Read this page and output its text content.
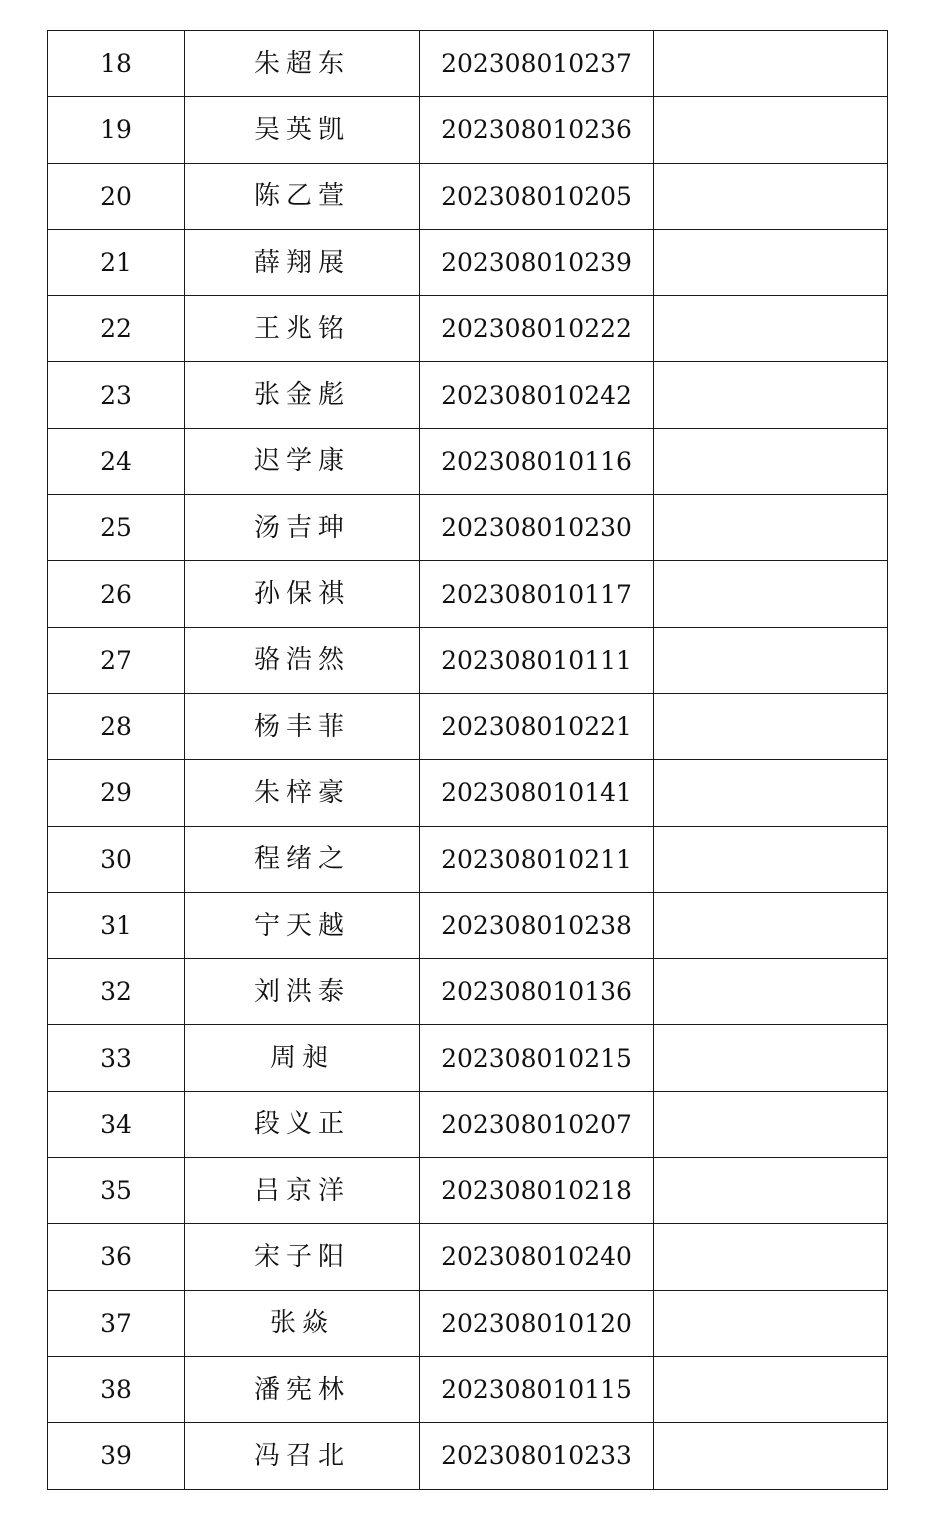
18	朱超东	202308010237	
19	吴英凯	202308010236	
20	陈乙萱	202308010205	
21	薛翔展	202308010239	
22	王兆铭	202308010222	
23	张金彪	202308010242	
24	迟学康	202308010116	
25	汤吉珅	202308010230	
26	孙保祺	202308010117	
27	骆浩然	202308010111	
28	杨丰菲	202308010221	
29	朱梓豪	202308010141	
30	程绪之	202308010211	
31	宁天越	202308010238	
32	刘洪泰	202308010136	
33	周昶	202308010215	
34	段义正	202308010207	
35	吕京洋	202308010218	
36	宋子阳	202308010240	
37	张焱	202308010120	
38	潘宪林	202308010115	
39	冯召北	202308010233	
